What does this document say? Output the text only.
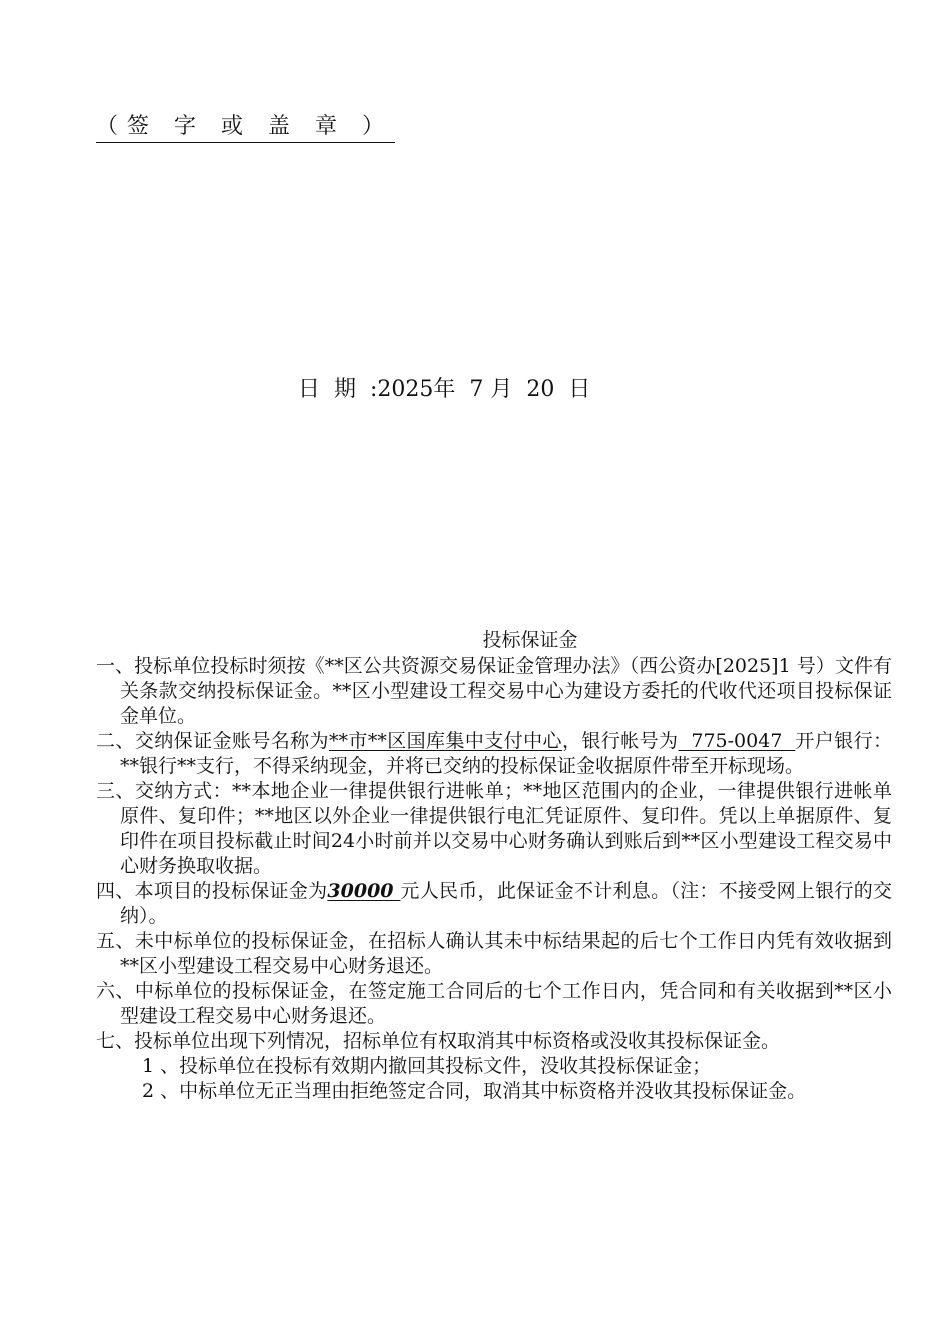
（签 字 或 盖 章 ）
日  期  :2025年  7 月  20  日
投标保证金

一、投标单位投标时须按《**区公共资源交易保证金管理办法》（西公资办[2025]1 号）文件有关条款交纳投标保证金。**区小型建设工程交易中心为建设方委托的代收代还项目投标保证金单位。

二、交纳保证金账号名称为**市**区国库集中支付中心，银行帐号为  775-0047  开户银行：**银行**支行，不得采纳现金，并将已交纳的投标保证金收据原件带至开标现场。

三、交纳方式：**本地企业一律提供银行进帐单；**地区范围内的企业，一律提供银行进帐单原件、复印件；**地区以外企业一律提供银行电汇凭证原件、复印件。凭以上单据原件、复印件在项目投标截止时间24小时前并以交易中心财务确认到账后到**区小型建设工程交易中心财务换取收据。

四、本项目的投标保证金为30000 元人民币，此保证金不计利息。（注：不接受网上银行的交纳）。

五、未中标单位的投标保证金，在招标人确认其未中标结果起的后七个工作日内凭有效收据到**区小型建设工程交易中心财务退还。

六、中标单位的投标保证金，在签定施工合同后的七个工作日内，凭合同和有关收据到**区小型建设工程交易中心财务退还。

七、投标单位出现下列情况，招标单位有权取消其中标资格或没收其投标保证金。

1 、投标单位在投标有效期内撤回其投标文件，没收其投标保证金；

2 、中标单位无正当理由拒绝签定合同，取消其中标资格并没收其投标保证金。
